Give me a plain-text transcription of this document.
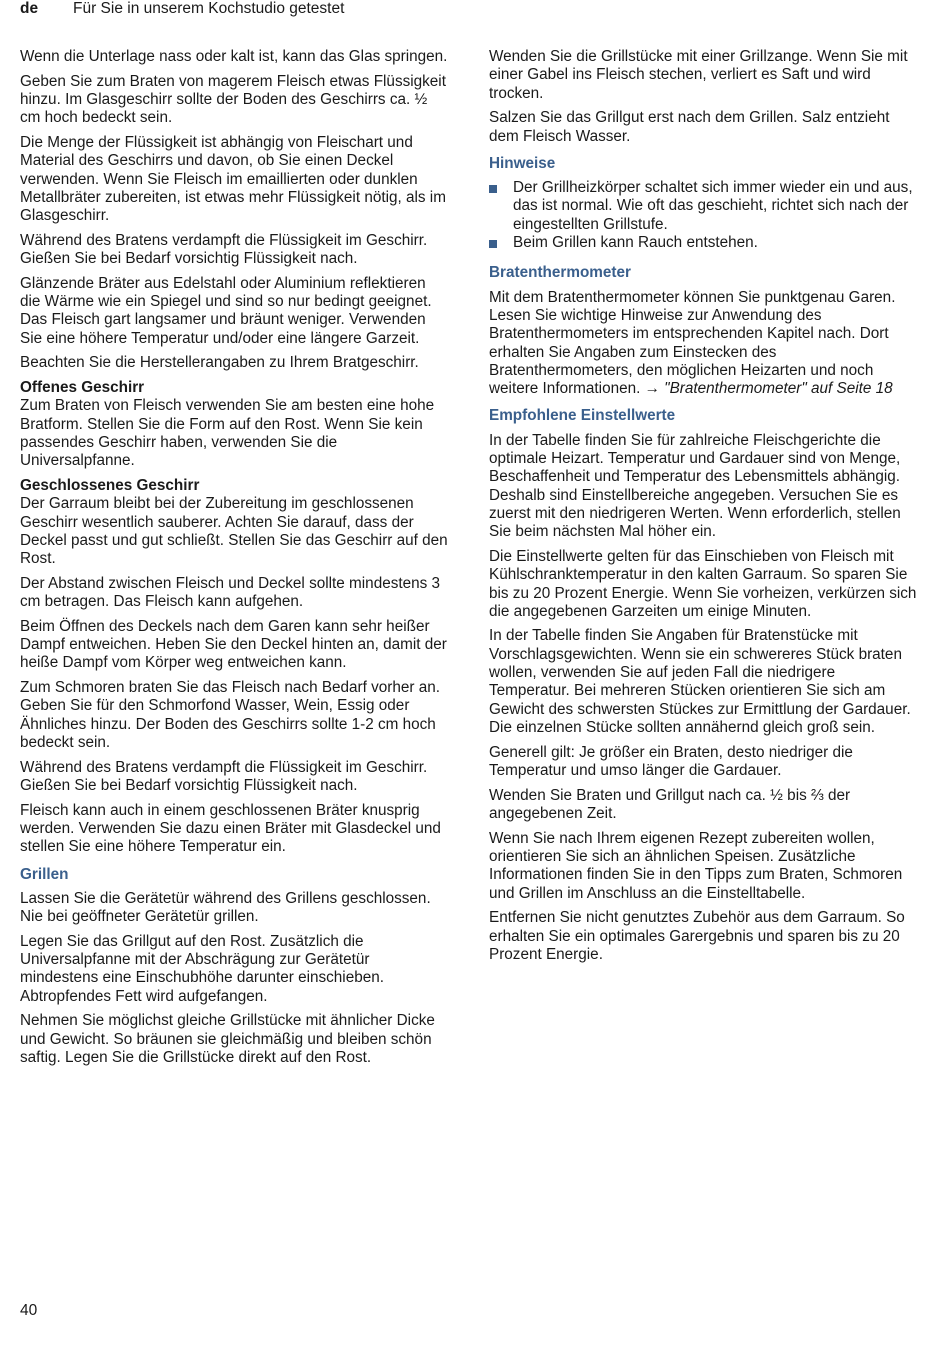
de Für Sie in unserem Kochstudio getestet

Wenn die Unterlage nass oder kalt ist, kann das Glas springen.

Geben Sie zum Braten von magerem Fleisch etwas Flüssigkeit hinzu. Im Glasgeschirr sollte der Boden des Geschirrs ca. ½ cm hoch bedeckt sein.

Die Menge der Flüssigkeit ist abhängig von Fleischart und Material des Geschirrs und davon, ob Sie einen Deckel verwenden. Wenn Sie Fleisch im emaillierten oder dunklen Metallbräter zubereiten, ist etwas mehr Flüssigkeit nötig, als im Glasgeschirr.

Während des Bratens verdampft die Flüssigkeit im Geschirr. Gießen Sie bei Bedarf vorsichtig Flüssigkeit nach.

Glänzende Bräter aus Edelstahl oder Aluminium reflektieren die Wärme wie ein Spiegel und sind so nur bedingt geeignet. Das Fleisch gart langsamer und bräunt weniger. Verwenden Sie eine höhere Temperatur und/oder eine längere Garzeit.

Beachten Sie die Herstellerangaben zu Ihrem Bratgeschirr.

Offenes Geschirr

Zum Braten von Fleisch verwenden Sie am besten eine hohe Bratform. Stellen Sie die Form auf den Rost. Wenn Sie kein passendes Geschirr haben, verwenden Sie die Universalpfanne.

Geschlossenes Geschirr

Der Garraum bleibt bei der Zubereitung im geschlossenen Geschirr wesentlich sauberer. Achten Sie darauf, dass der Deckel passt und gut schließt. Stellen Sie das Geschirr auf den Rost.

Der Abstand zwischen Fleisch und Deckel sollte mindestens 3 cm betragen. Das Fleisch kann aufgehen.

Beim Öffnen des Deckels nach dem Garen kann sehr heißer Dampf entweichen. Heben Sie den Deckel hinten an, damit der heiße Dampf vom Körper weg entweichen kann.

Zum Schmoren braten Sie das Fleisch nach Bedarf vorher an. Geben Sie für den Schmorfond Wasser, Wein, Essig oder Ähnliches hinzu. Der Boden des Geschirrs sollte 1-2 cm hoch bedeckt sein.

Während des Bratens verdampft die Flüssigkeit im Geschirr. Gießen Sie bei Bedarf vorsichtig Flüssigkeit nach.

Fleisch kann auch in einem geschlossenen Bräter knusprig werden. Verwenden Sie dazu einen Bräter mit Glasdeckel und stellen Sie eine höhere Temperatur ein.

Grillen

Lassen Sie die Gerätetür während des Grillens geschlossen. Nie bei geöffneter Gerätetür grillen.

Legen Sie das Grillgut auf den Rost. Zusätzlich die Universalpfanne mit der Abschrägung zur Gerätetür mindestens eine Einschubhöhe darunter einschieben. Abtropfendes Fett wird aufgefangen.

Nehmen Sie möglichst gleiche Grillstücke mit ähnlicher Dicke und Gewicht. So bräunen sie gleichmäßig und bleiben schön saftig. Legen Sie die Grillstücke direkt auf den Rost.

Wenden Sie die Grillstücke mit einer Grillzange. Wenn Sie mit einer Gabel ins Fleisch stechen, verliert es Saft und wird trocken.

Salzen Sie das Grillgut erst nach dem Grillen. Salz entzieht dem Fleisch Wasser.

Hinweise
Der Grillheizkörper schaltet sich immer wieder ein und aus, das ist normal. Wie oft das geschieht, richtet sich nach der eingestellten Grillstufe.
Beim Grillen kann Rauch entstehen.
Bratenthermometer

Mit dem Bratenthermometer können Sie punktgenau Garen. Lesen Sie wichtige Hinweise zur Anwendung des Bratenthermometers im entsprechenden Kapitel nach. Dort erhalten Sie Angaben zum Einstecken des Bratenthermometers, den möglichen Heizarten und noch weitere Informationen. → "Bratenthermometer" auf Seite 18

Empfohlene Einstellwerte

In der Tabelle finden Sie für zahlreiche Fleischgerichte die optimale Heizart. Temperatur und Gardauer sind von Menge, Beschaffenheit und Temperatur des Lebensmittels abhängig. Deshalb sind Einstellbereiche angegeben. Versuchen Sie es zuerst mit den niedrigeren Werten. Wenn erforderlich, stellen Sie beim nächsten Mal höher ein.

Die Einstellwerte gelten für das Einschieben von Fleisch mit Kühlschranktemperatur in den kalten Garraum. So sparen Sie bis zu 20 Prozent Energie. Wenn Sie vorheizen, verkürzen sich die angegebenen Garzeiten um einige Minuten.

In der Tabelle finden Sie Angaben für Bratenstücke mit Vorschlagsgewichten. Wenn sie ein schwereres Stück braten wollen, verwenden Sie auf jeden Fall die niedrigere Temperatur. Bei mehreren Stücken orientieren Sie sich am Gewicht des schwersten Stückes zur Ermittlung der Gardauer. Die einzelnen Stücke sollten annähernd gleich groß sein.

Generell gilt: Je größer ein Braten, desto niedriger die Temperatur und umso länger die Gardauer.

Wenden Sie Braten und Grillgut nach ca. ½ bis ⅔ der angegebenen Zeit.

Wenn Sie nach Ihrem eigenen Rezept zubereiten wollen, orientieren Sie sich an ähnlichen Speisen. Zusätzliche Informationen finden Sie in den Tipps zum Braten, Schmoren und Grillen im Anschluss an die Einstelltabelle.

Entfernen Sie nicht genutztes Zubehör aus dem Garraum. So erhalten Sie ein optimales Garergebnis und sparen bis zu 20 Prozent Energie.

40
